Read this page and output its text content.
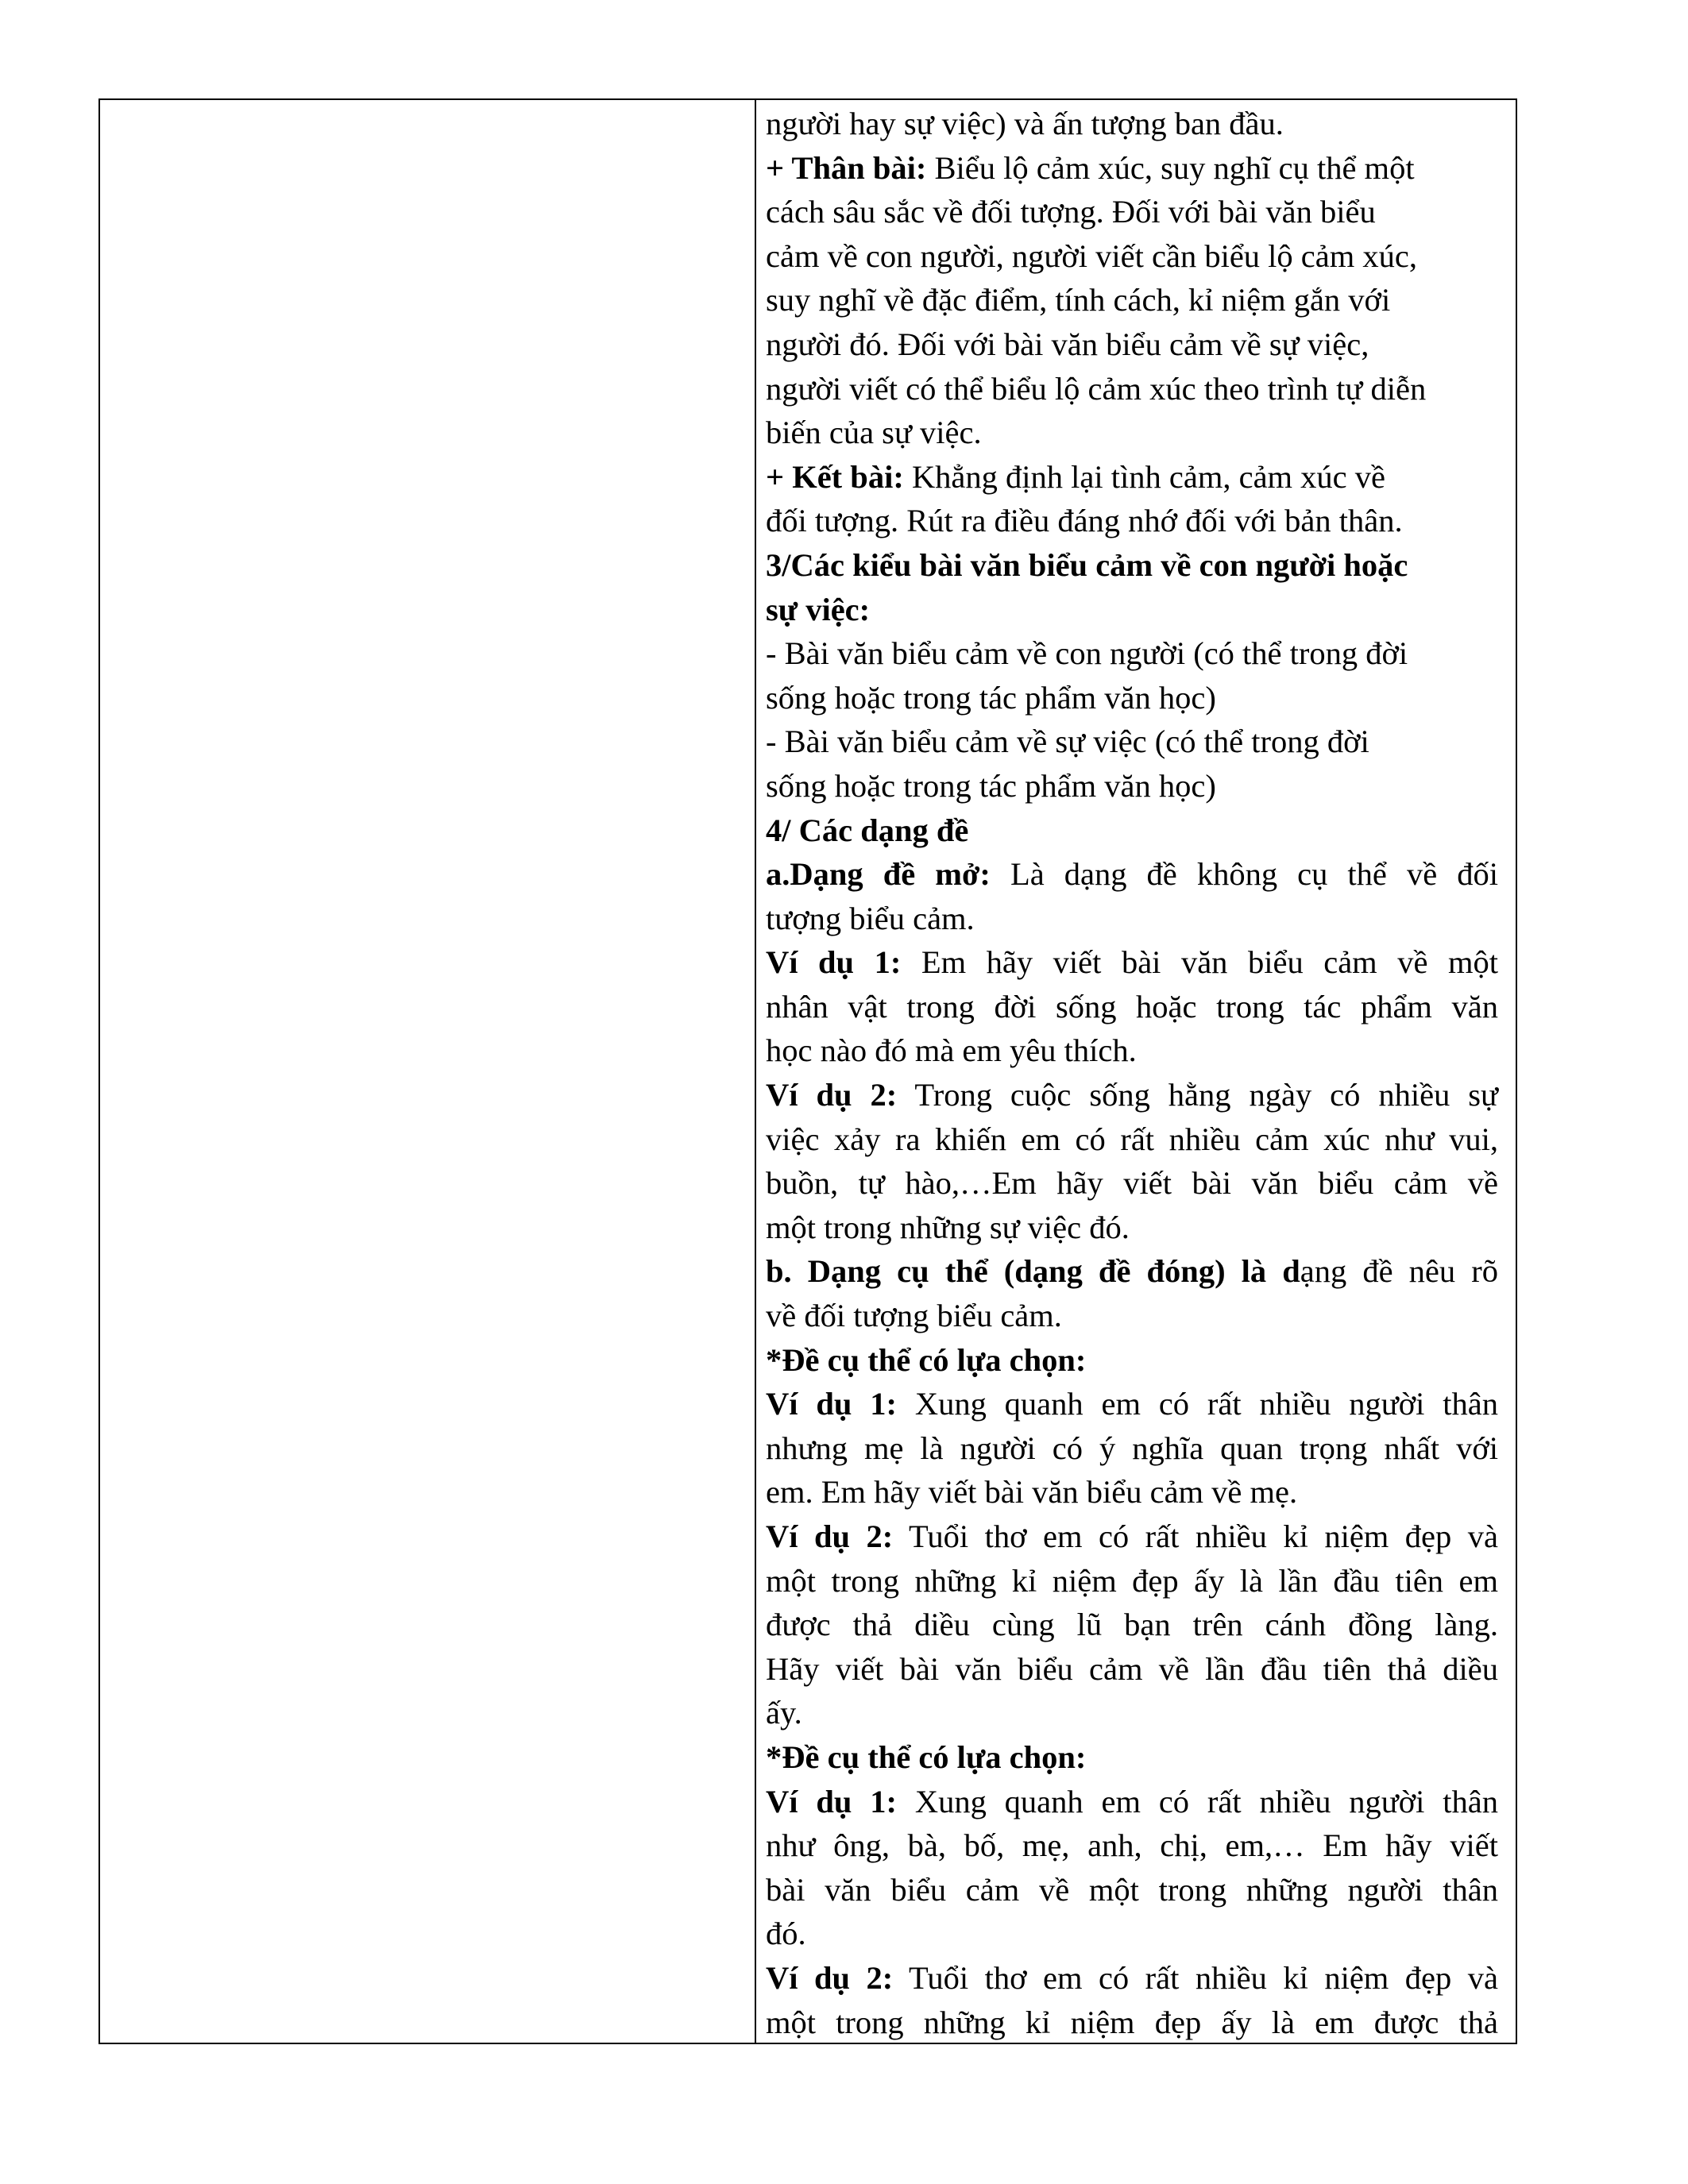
người hay sự việc) và ấn tượng ban đầu.
+ Thân bài: Biểu lộ cảm xúc, suy nghĩ cụ thể một
cách sâu sắc về đối tượng. Đối với bài văn biểu
cảm về con người, người viết cần biểu lộ cảm xúc,
suy nghĩ về đặc điểm, tính cách, kỉ niệm gắn với
người đó. Đối với bài văn biểu cảm về sự việc,
người viết có thể biểu lộ cảm xúc theo trình tự diễn
biến của sự việc.
+ Kết bài: Khẳng định lại tình cảm, cảm xúc về
đối tượng. Rút ra điều đáng nhớ đối với bản thân.
3/Các kiểu bài văn biểu cảm về con người hoặc
sự việc:
- Bài văn biểu cảm về con người (có thể trong đời
sống hoặc trong tác phẩm văn học)
- Bài văn biểu cảm về sự việc (có thể trong đời
sống hoặc trong tác phẩm văn học)
4/ Các dạng đề
a.Dạng đề mở: Là dạng đề không cụ thể về đối
tượng biểu cảm.
Ví dụ 1: Em hãy viết bài văn biểu cảm về một
nhân vật trong đời sống hoặc trong tác phẩm văn
học nào đó mà em yêu thích.
Ví dụ 2: Trong cuộc sống hằng ngày có nhiều sự
việc xảy ra khiến em có rất nhiều cảm xúc như vui,
buồn, tự hào,…Em hãy viết bài văn biểu cảm về
một trong những sự việc đó.
b. Dạng cụ thể (dạng đề đóng) là dạng đề nêu rõ
về đối tượng biểu cảm.
*Đề cụ thể có lựa chọn:
Ví dụ 1: Xung quanh em có rất nhiều người thân
nhưng mẹ là người có ý nghĩa quan trọng nhất với
em. Em hãy viết bài văn biểu cảm về mẹ.
Ví dụ 2: Tuổi thơ em có rất nhiều kỉ niệm đẹp và
một trong những kỉ niệm đẹp ấy là lần đầu tiên em
được thả diều cùng lũ bạn trên cánh đồng làng.
Hãy viết bài văn biểu cảm về lần đầu tiên thả diều
ấy.
*Đề cụ thể có lựa chọn:
Ví dụ 1: Xung quanh em có rất nhiều người thân
như ông, bà, bố, mẹ, anh, chị, em,… Em hãy viết
bài văn biểu cảm về một trong những người thân
đó.
Ví dụ 2: Tuổi thơ em có rất nhiều kỉ niệm đẹp và
một trong những kỉ niệm đẹp ấy là em được thả
